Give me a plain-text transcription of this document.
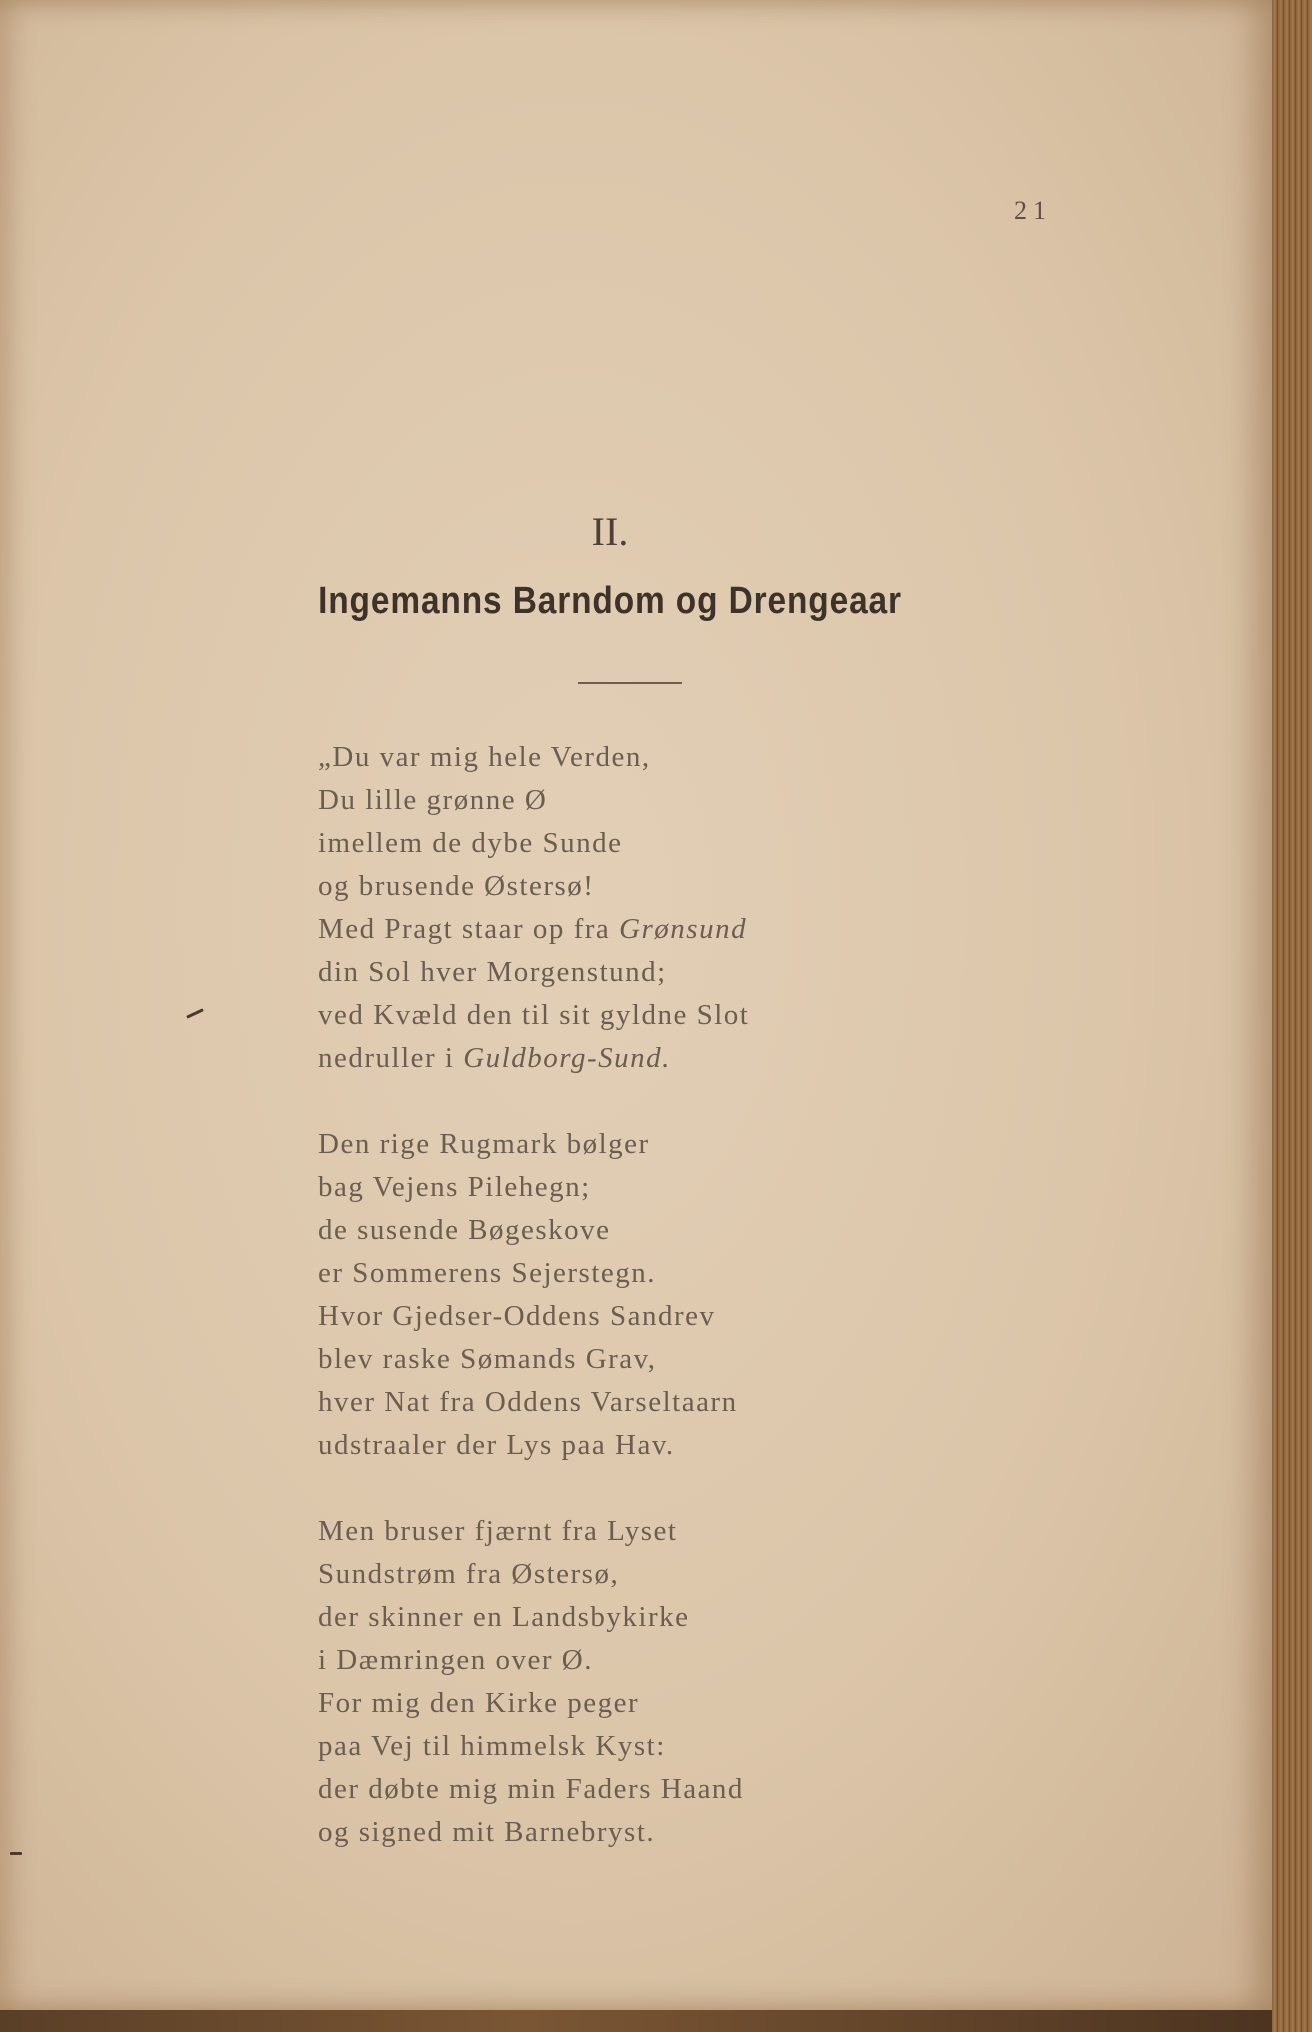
21
II.
Ingemanns Barndom og Drengeaar
„Du var mig hele Verden,
Du lille grønne Ø
imellem de dybe Sunde
og brusende Østersø!
Med Pragt staar op fra Grønsund
din Sol hver Morgenstund;
ved Kvæld den til sit gyldne Slot
nedruller i Guldborg-Sund.
Den rige Rugmark bølger
bag Vejens Pilehegn;
de susende Bøgeskove
er Sommerens Sejerstegn.
Hvor Gjedser-Oddens Sandrev
blev raske Sømands Grav,
hver Nat fra Oddens Varseltaarn
udstraaler der Lys paa Hav.
Men bruser fjærnt fra Lyset
Sundstrøm fra Østersø,
der skinner en Landsbykirke
i Dæmringen over Ø.
For mig den Kirke peger
paa Vej til himmelsk Kyst:
der døbte mig min Faders Haand
og signed mit Barnebryst.
